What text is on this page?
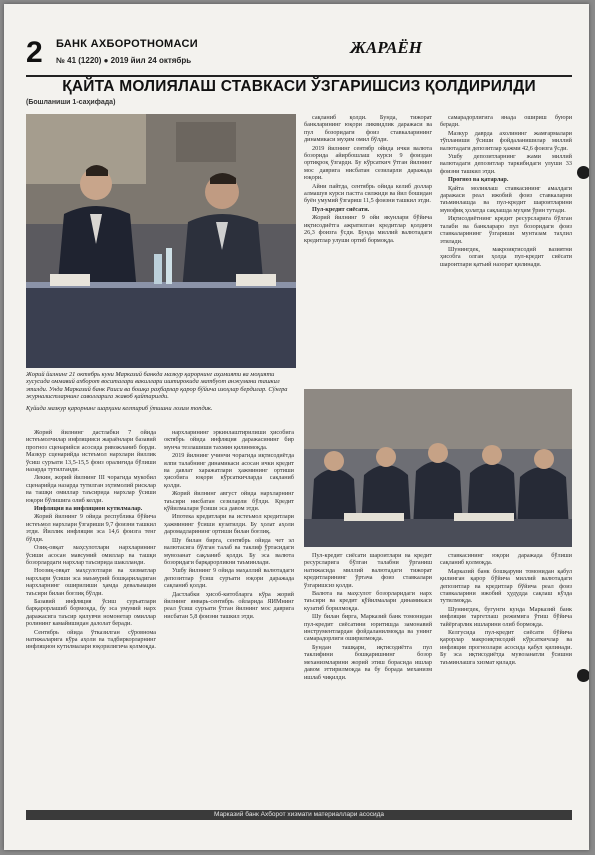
2 БАНК АХБОРОТНОМАСИ
№ 41 (1220) ● 2019 йил 24 октябрь
ЖАРАЁН
ҚАЙТА МОЛИЯЛАШ СТАВКАСИ ЎЗГАРИШСИЗ ҚОЛДИРИЛДИ
(Бошланиши 1-саҳифада)
Жорий йилнинг 21 октябрь куни Марказий банкда мазкур қарорнинг аҳамияти ва моҳияти хусусида оммавий ахборот воситалари вакиллари иштирокида матбуот анжумани ташкил этилди. Унда Марказий банк Раиси ва бошқа раҳбарлар қарор бўйича изоҳлар бердилар. Сўнгра журналистларнинг саволларига жавоб қайтарилди.
Қуйида мазкур қарорнинг шарҳини келтириб ўтишни лозим топдик.

Жорий йилнинг дастлабки 7 ойида истеъмолчилар инфляцияси жараёнлари базавий прогноз сценарийси асосида ривожланиб борди. Мазкур сценарийда истеъмол нархлари йиллик ўсиш суръати 13,5-15,5 фоиз оралиғида бўлиши назарда тутилганди.

Лекин, жорий йилнинг III чорагида мукобил сценарийда назарда тутилган эҳтимолий рисклар ва ташқи омиллар таъсирида нархлар ўсиши юқори бўлишига олиб келди.

Инфляция ва инфляцион кутилмалар.

Жорий йилнинг 9 ойида республика бўйича истеъмол нархлари ўзгариши 9,7 фоизни ташкил этди. Йиллик инфляция эса 14,6 фоизга тенг бўлди.

Озиқ-овқат маҳсулотлари нархларининг ўсиши асосан мавсумий омиллар ва ташқи бозорлардаги нархлар таъсирида шаклланди.

Ноозиқ-овқат маҳсулотлари ва хизматлар нархлари ўсиши эса маъмурий бошқариладиган нархларнинг оширилиши ҳамда девальвация таъсири билан боғлиқ бўлди.

Базавий инфляция ўсиш суръатлари барқарорлашиб бормоқда, бу эса умумий нарх даражасига таъсир қилувчи номонетар омиллар ролининг камайишидан далолат беради.

Сентябрь ойида ўтказилган сўровнома натижаларига кўра аҳоли ва тадбиркорларнинг инфляцион кутилмалари юқорилигича қолмоқда.

нархларининг эркинлаштирилиши ҳисобига октябрь ойида инфляция даражасининг бир мунча тезлашиши тахмин қилинмоқда.

2019 йилнинг учинчи чорагида иқтисодиётда ялпи талабнинг динамикаси асосан ички кредит ва давлат харажатлари ҳажмининг ортиши ҳисобига юқори кўрсаткичларда сақланиб қолди.

Жорий йилнинг август ойида нархларнинг таъсири нисбатан сезиларли бўлди. Кредит қўйилмалари ўсиши эса давом этди.

Ипотека кредитлари ва истеъмол кредитлари ҳажмининг ўсиши кузатилди. Бу ҳолат аҳоли даромадларининг ортиши билан боғлиқ.

Шу билан бирга, сентябрь ойида чет эл валютасига бўлган талаб ва таклиф ўртасидаги мувозанат сақланиб қолди. Бу эса валюта бозоридаги барқарорликни таъминлади.

Ушбу йилнинг 9 ойида маҳаллий валютадаги депозитлар ўсиш суръати юқори даражада сақланиб қолди.

Дастлабки ҳисоб-китобларга кўра жорий йилнинг январь-сентябрь ойларида ЯИМнинг реал ўсиш суръати ўтган йилнинг мос даврига нисбатан 5,8 фоизни ташкил этди.

сақланиб қолди. Бунда, тижорат банкларининг юқори ликвидлик даражаси ва пул бозоридаги фоиз ставкаларининг динамикаси муҳим омил бўлди.

2019 йилнинг сентябр ойида ички валюта бозорида айирбошлаш курси 9 фоиздан ортиқроқ ўзгарди. Бу кўрсаткич ўтган йилнинг мос даврига нисбатан сезиларли даражада юқори.

Айни пайтда, сентябрь ойида келиб доллар алмашув курси пастга силжиди ва йил бошидан буён умумий ўзгариш 11,5 фоизни ташкил этди.

Пул-кредит сиёсати.

Жорий йилнинг 9 ойи якунлари бўйича иқтисодиётга ажратилган кредитлар қолдиғи 26,3 фоизга ўсди. Бунда миллий валютадаги кредитлар улуши ортиб бормоқда.

самарадорлигига янада ошириш буюри беради.

Мазкур даврда ахолининг жамғармалари тўпланиши ўсиши фойдаланишилар миллий валютадаги депозитлар ҳажми 42,6 фоизга ўсди.

Ушбу депозитларнинг жами миллий валютадаги депозитлар таркибидаги улуши 33 фоизни ташкил этди.

Прогноз ва қатарлар.

Қайта молиялаш ставкасининг амалдаги даражаси реал ижобий фоиз ставкаларни таъминлашда ва пул-кредит шароитларини мувофиқ ҳолатда сақлашда муҳим ўрин тутади.

Иқтисодиётнинг кредит ресурсларига бўлган талаби ва банклараро пул бозоридаги фоиз ставкаларининг ўзгариши мунтазам таҳлил этилади.

Шунингдек, макроиқтисодий вазиятни ҳисобга олган ҳолда пул-кредит сиёсати шароитлари қатъий назорат қилинади.

Пул-кредит сиёсати шароитлари ва кредит ресурсларига бўлган талабни ўрганиш натижасида миллий валютадаги тижорат кредитларининг ўртача фоиз ставкалари ўзгаришсиз қолди.

Валюта ва маҳсулот бозорларидаги нарх таъсири ва кредит қўйилмалари динамикаси кузатиб борилмоқда.

Шу билан бирга, Марказий банк томонидан пул-кредит сиёсатини юритишда замонавий инструментлардан фойдаланилмоқда ва унинг самарадорлиги оширилмоқда.

Бундан ташқари, иқтисодиётга пул таклифини бошқаришнинг бозор механизмларини жорий этиш борасида ишлар давом эттирилмоқда ва бу борада механизм ишлаб чиқилди.

ставкасининг юқори даражада бўлиши сақланиб қолмоқда.

Марказий банк бошқаруви томонидан қабул қилинган қарор бўйича миллий валютадаги депозитлар ва кредитлар бўйича реал фоиз ставкаларини ижобий ҳудудда сақлаш кўзда тутилмоқда.

Шунингдек, бугунги кунда Марказий банк инфляция таргетлаш режимига ўтиш бўйича тайёргарлик ишларини олиб бормоқда.

Келгусида пул-кредит сиёсати бўйича қарорлар макроиқтисодий кўрсаткичлар ва инфляция прогнозлари асосида қабул қилинади. Бу эса иқтисодиётда мувозанатли ўсишни таъминлашга хизмат қилади.

Марказий банк Ахборот хизмати материаллари асосида
